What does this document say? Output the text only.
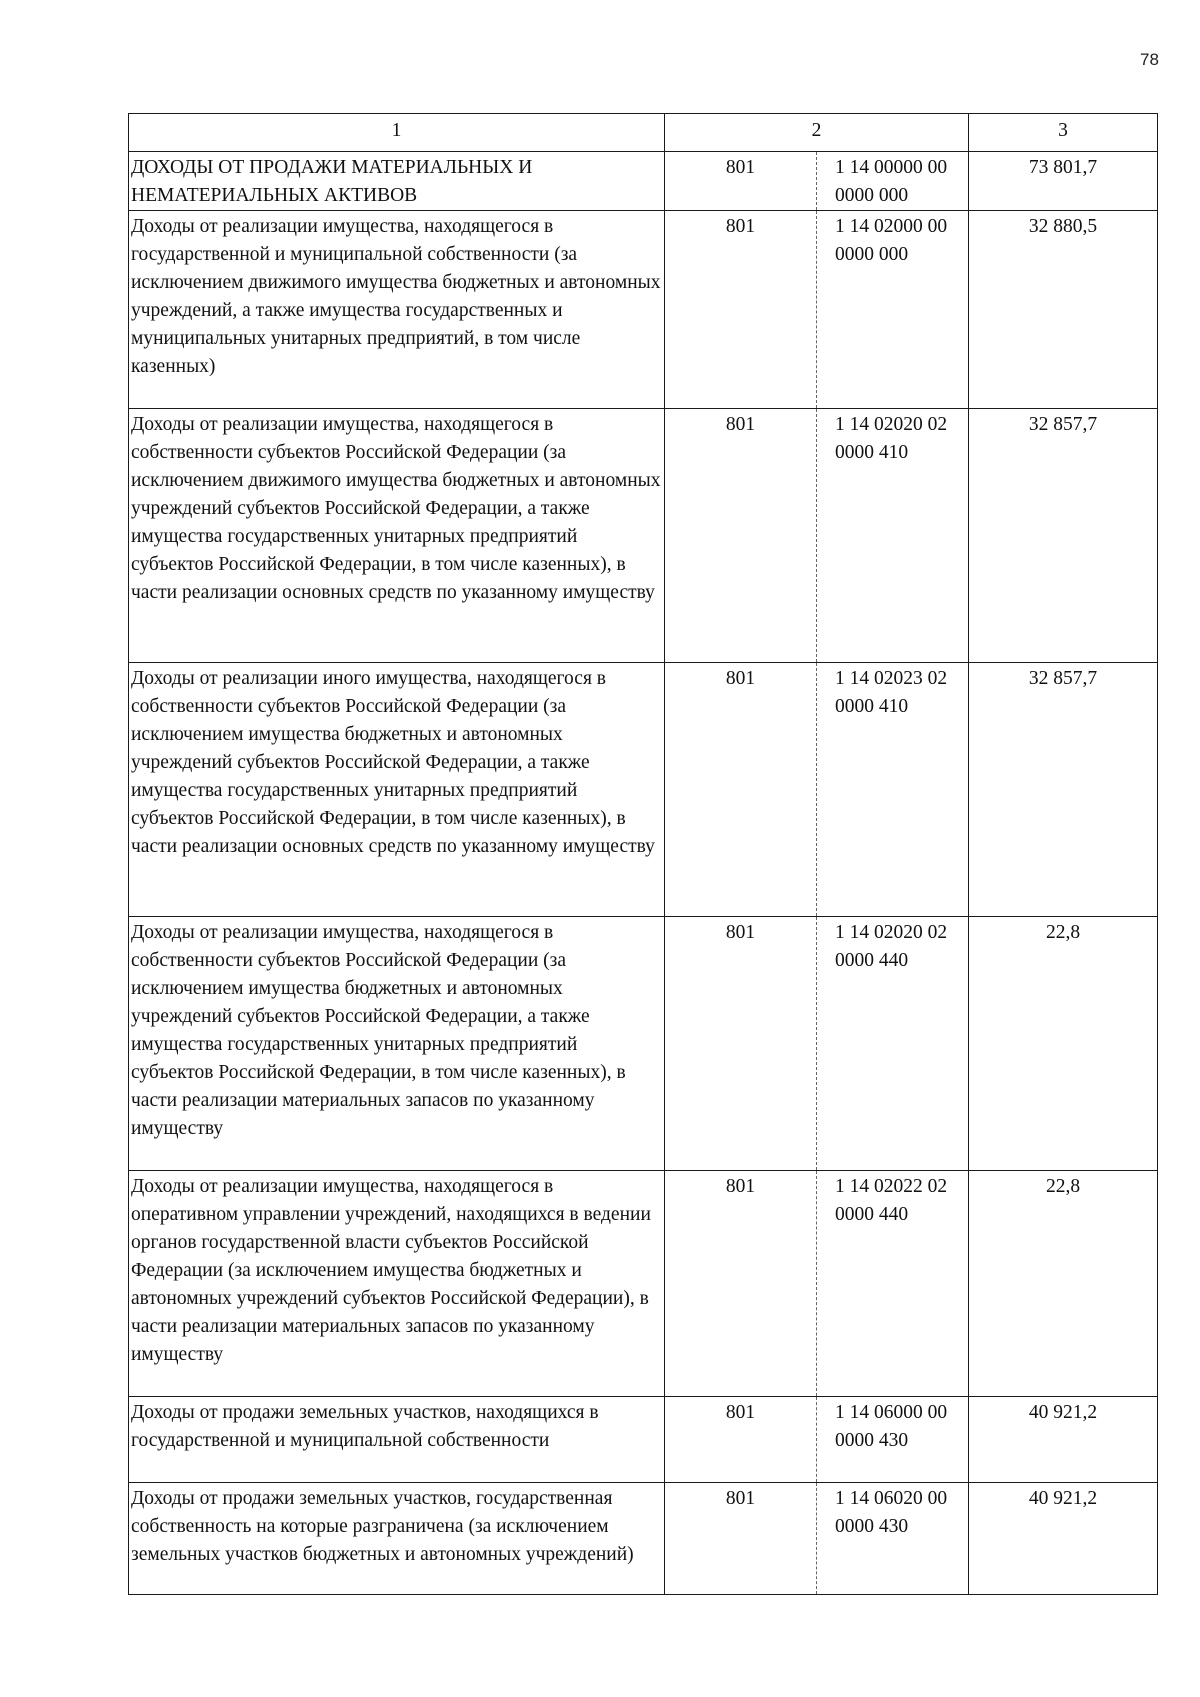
78
1	2		3
ДОХОДЫ ОТ ПРОДАЖИ МАТЕРИАЛЬНЫХ И НЕМАТЕРИАЛЬНЫХ АКТИВОВ	801	1 14 00000 00 0000 000	73 801,7
Доходы от реализации имущества, находящегося в государственной и муниципальной собственности (за исключением движимого имущества бюджетных и автономных учреждений, а также имущества государственных и муниципальных унитарных предприятий, в том числе казенных)	801	1 14 02000 00 0000 000	32 880,5
Доходы от реализации имущества, находящегося в собственности субъектов Российской Федерации (за исключением движимого имущества бюджетных и автономных учреждений субъектов Российской Федерации, а также имущества государственных унитарных предприятий субъектов Российской Федерации, в том числе казенных), в части реализации основных средств по указанному имуществу	801	1 14 02020 02 0000 410	32 857,7
Доходы от реализации иного имущества, находящегося в собственности субъектов Российской Федерации (за исключением имущества бюджетных и автономных учреждений субъектов Российской Федерации, а также имущества государственных унитарных предприятий субъектов Российской Федерации, в том числе казенных), в части реализации основных средств по указанному имуществу	801	1 14 02023 02 0000 410	32 857,7
Доходы от реализации имущества, находящегося в собственности субъектов Российской Федерации (за исключением имущества бюджетных и автономных учреждений субъектов Российской Федерации, а также имущества государственных унитарных предприятий субъектов Российской Федерации, в том числе казенных), в части реализации материальных запасов по указанному имуществу	801	1 14 02020 02 0000 440	22,8
Доходы от реализации имущества, находящегося в оперативном управлении учреждений, находящихся в ведении органов государственной власти субъектов Российской Федерации (за исключением имущества бюджетных и автономных учреждений субъектов Российской Федерации), в части реализации материальных запасов по указанному имуществу	801	1 14 02022 02 0000 440	22,8
Доходы от продажи земельных участков, находящихся в государственной и муниципальной собственности	801	1 14 06000 00 0000 430	40 921,2
Доходы от продажи земельных участков, государственная собственность на которые разграничена (за исключением земельных участков бюджетных и автономных учреждений)	801	1 14 06020 00 0000 430	40 921,2
